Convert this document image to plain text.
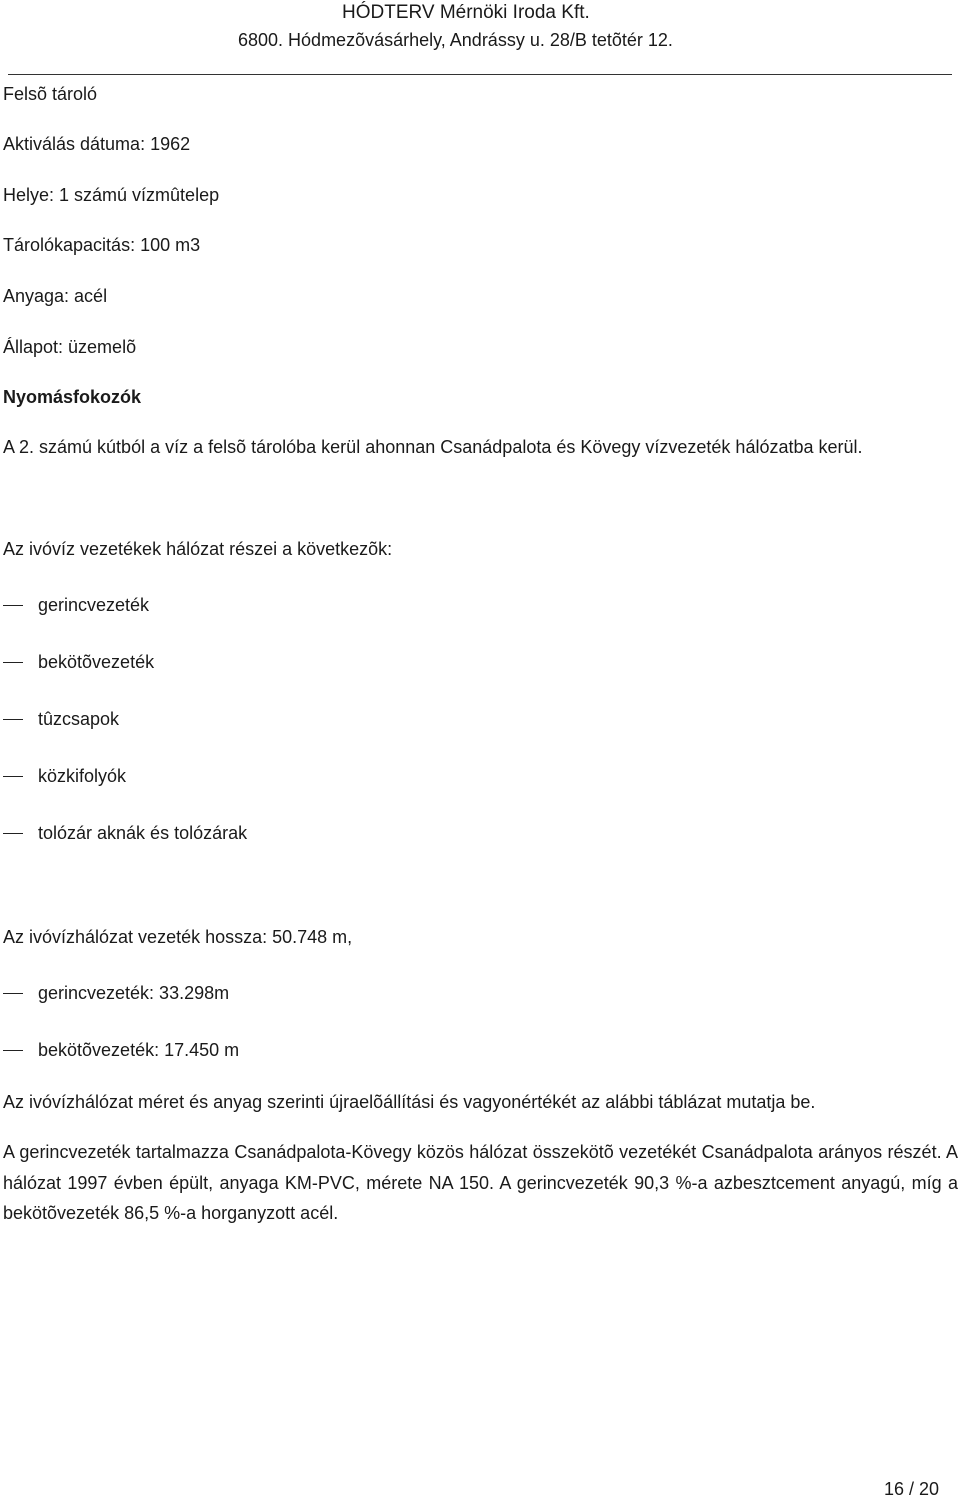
HÓDTERV Mérnöki Iroda Kft.
6800. Hódmezõvásárhely, Andrássy u. 28/B tetõtér 12.
Felsõ tároló
Aktiválás dátuma: 1962
Helye: 1 számú vízmûtelep
Tárolókapacitás: 100 m3
Anyaga: acél
Állapot: üzemelõ
Nyomásfokozók
A 2. számú kútból a víz a felsõ tárolóba kerül ahonnan Csanádpalota és Kövegy vízvezeték hálózatba kerül.
Az ivóvíz vezetékek hálózat részei a következõk:
gerincvezeték
bekötõvezeték
tûzcsapok
közkifolyók
tolózár aknák és tolózárak
Az ivóvízhálózat vezeték hossza: 50.748 m,
gerincvezeték: 33.298m
bekötõvezeték: 17.450 m
Az ivóvízhálózat méret és anyag szerinti újraelõállítási és vagyonértékét az alábbi táblázat mutatja be.
A gerincvezeték tartalmazza Csanádpalota-Kövegy közös hálózat összekötõ vezetékét Csanádpalota arányos részét. A hálózat 1997 évben épült, anyaga KM-PVC, mérete NA 150. A gerincvezeték 90,3 %-a azbesztcement anyagú, míg a bekötõvezeték 86,5 %-a horganyzott acél.
16 / 20
